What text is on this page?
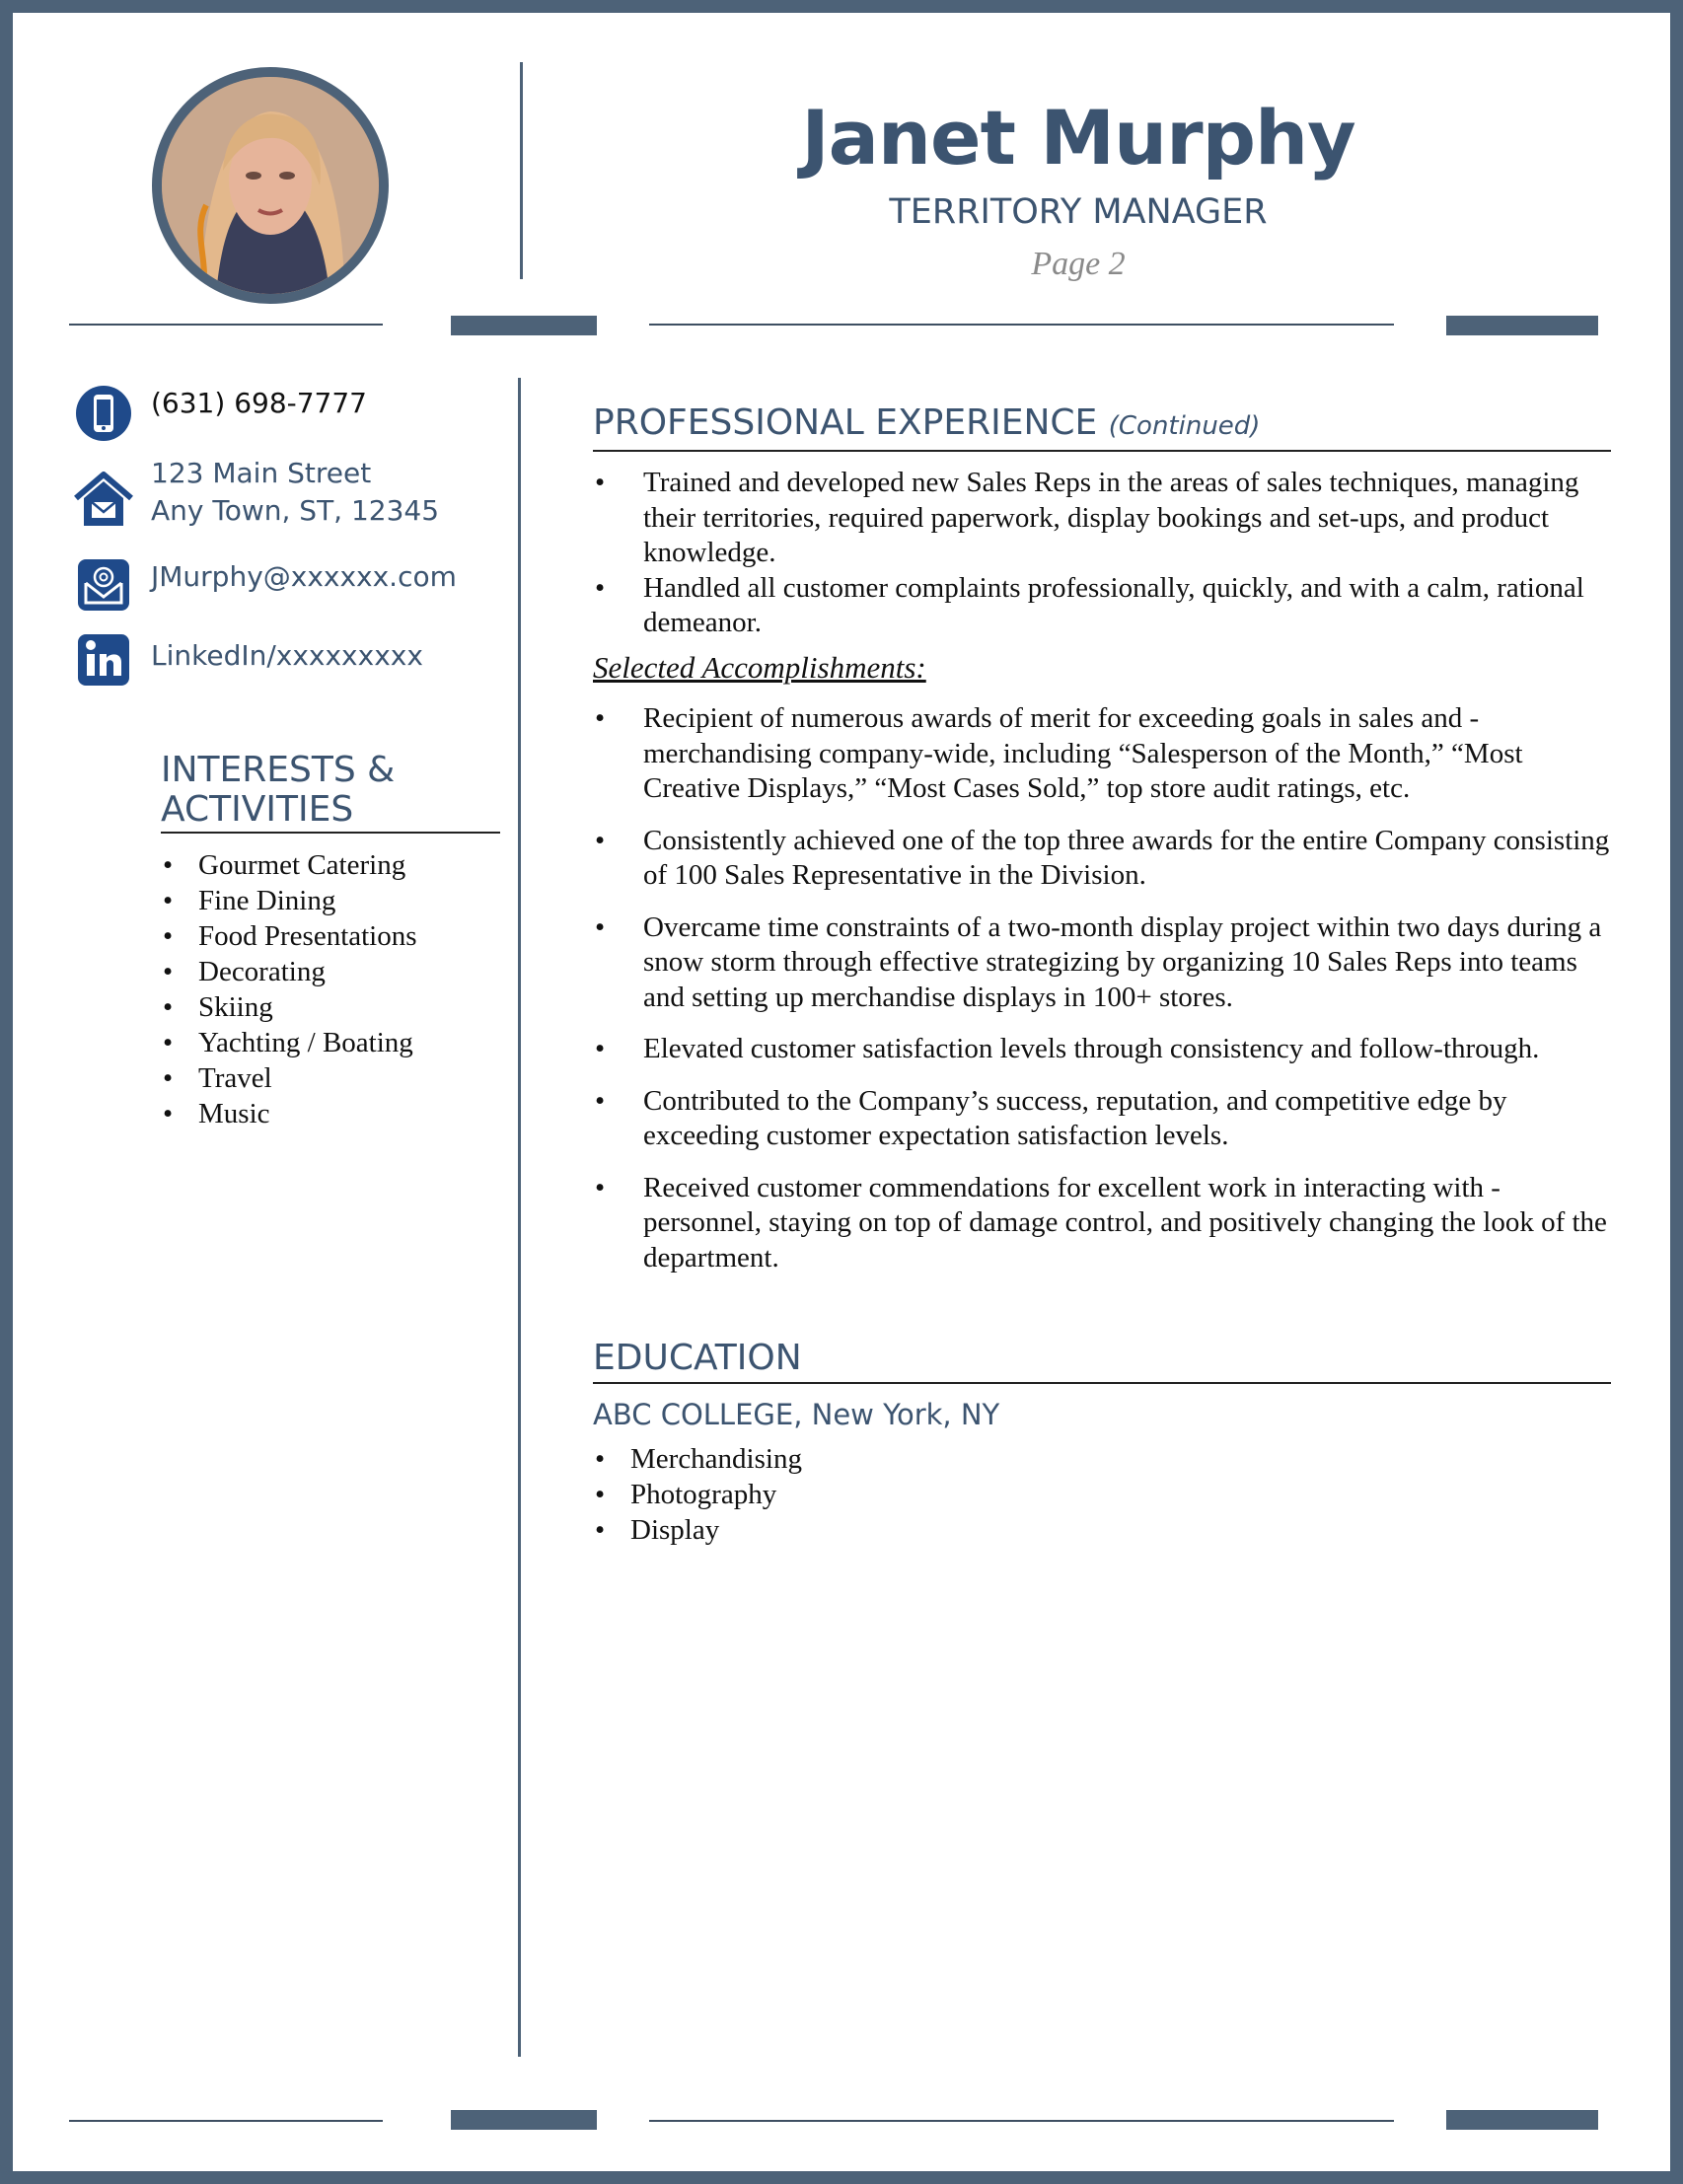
Janet Murphy
TERRITORY MANAGER
Page 2
(631) 698-7777
123 Main Street
Any Town, ST, 12345
JMurphy@xxxxxx.com
LinkedIn/xxxxxxxxx
INTERESTS &
ACTIVITIES
• Gourmet Catering
• Fine Dining
• Food Presentations
• Decorating
• Skiing
• Yachting / Boating
• Travel
• Music
PROFESSIONAL EXPERIENCE (Continued)
• Trained and developed new Sales Reps in the areas of sales techniques, managing their territories, required paperwork, display bookings and set-ups, and product knowledge.
• Handled all customer complaints professionally, quickly, and with a calm, rational demeanor.
Selected Accomplishments:
• Recipient of numerous awards of merit for exceeding goals in sales and - merchandising company-wide, including “Salesperson of the Month,” “Most Creative Displays,” “Most Cases Sold,” top store audit ratings, etc.
• Consistently achieved one of the top three awards for the entire Company consisting of 100 Sales Representative in the Division.
• Overcame time constraints of a two-month display project within two days during a snow storm through effective strategizing by organizing 10 Sales Reps into teams and setting up merchandise displays in 100+ stores.
• Elevated customer satisfaction levels through consistency and follow-through.
• Contributed to the Company’s success, reputation, and competitive edge by exceeding customer expectation satisfaction levels.
• Received customer commendations for excellent work in interacting with - personnel, staying on top of damage control, and positively changing the look of the department.
EDUCATION
ABC COLLEGE, New York, NY
• Merchandising
• Photography
• Display
